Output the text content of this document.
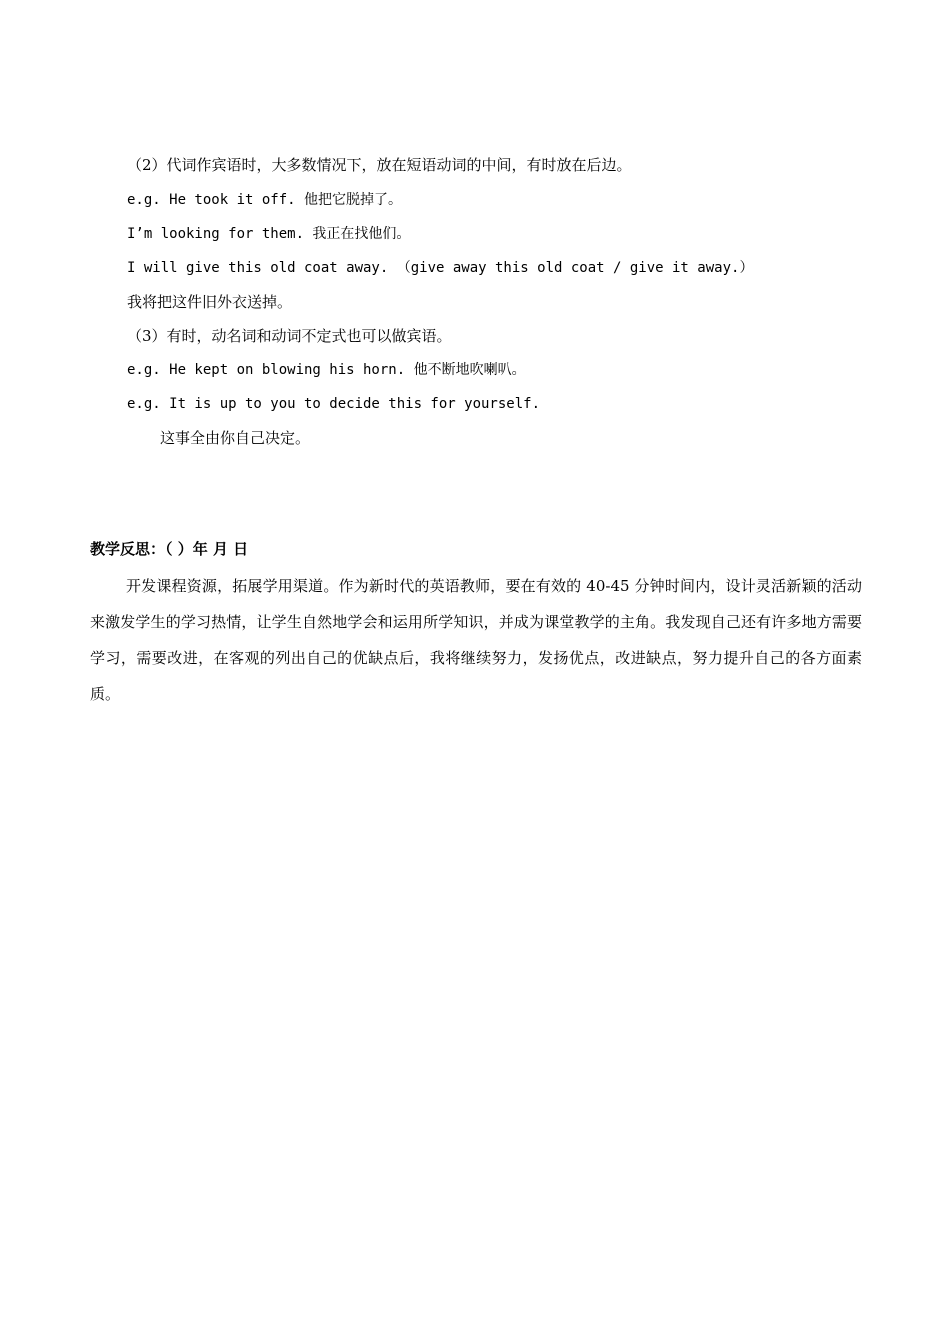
（2）代词作宾语时，大多数情况下，放在短语动词的中间，有时放在后边。
e.g. He took it off. 他把它脱掉了。
I’m looking for them. 我正在找他们。
I will give this old coat away. （give away this old coat / give it away.）
我将把这件旧外衣送掉。
（3）有时，动名词和动词不定式也可以做宾语。
e.g. He kept on blowing his horn. 他不断地吹喇叭。
e.g. It is up to you to decide this for yourself.
这事全由你自己决定。
教学反思：（ ）年 月 日
开发课程资源，拓展学用渠道。作为新时代的英语教师，要在有效的 40-45 分钟时间内，设计灵活新颖的活动来激发学生的学习热情，让学生自然地学会和运用所学知识，并成为课堂教学的主角。我发现自己还有许多地方需要学习，需要改进，在客观的列出自己的优缺点后，我将继续努力，发扬优点，改进缺点，努力提升自己的各方面素质。
